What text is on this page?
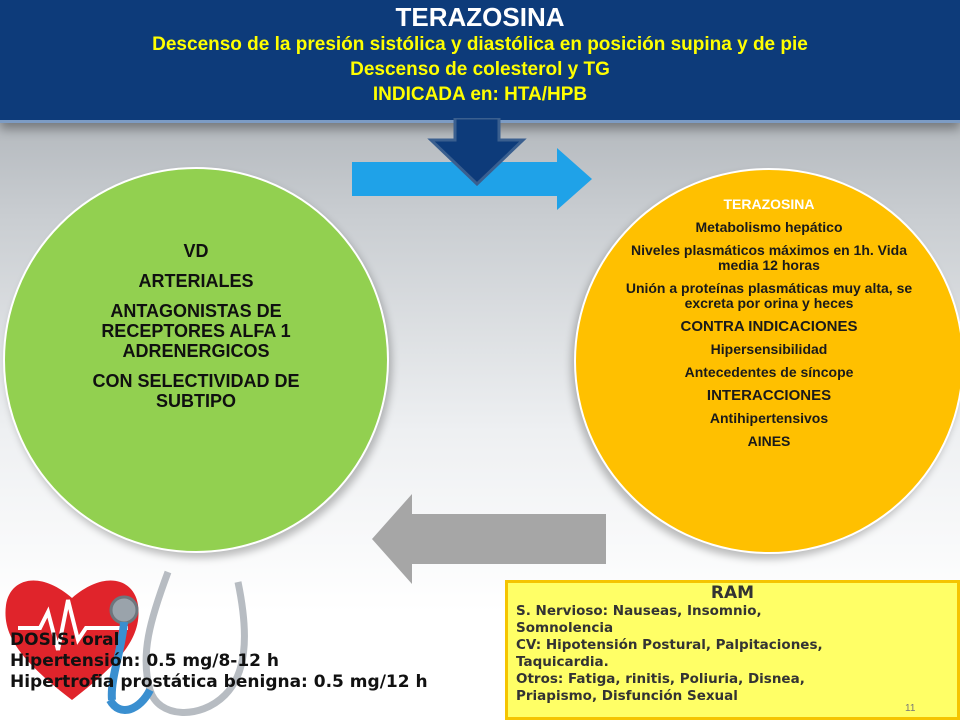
TERAZOSINA
Descenso de la presión sistólica y diastólica en posición supina y de pie
Descenso de colesterol y TG
INDICADA en: HTA/HPB
VD
ARTERIALES
ANTAGONISTAS DE RECEPTORES ALFA 1 ADRENERGICOS
CON SELECTIVIDAD DE SUBTIPO
TERAZOSINA
Metabolismo hepático
Niveles plasmáticos máximos en 1h. Vida media 12 horas
Unión a proteínas plasmáticas muy alta, se excreta por orina y heces
CONTRA INDICACIONES
Hipersensibilidad
Antecedentes de síncope
INTERACCIONES
Antihipertensivos
AINES
DOSIS: oral
Hipertensión: 0.5 mg/8-12 h
Hipertrofia prostática benigna: 0.5 mg/12 h
RAM
S. Nervioso: Nauseas, Insomnio,
Somnolencia
CV: Hipotensión Postural, Palpitaciones,
Taquicardia.
Otros: Fatiga, rinitis, Poliuria, Disnea,
Priapismo, Disfunción Sexual
11
